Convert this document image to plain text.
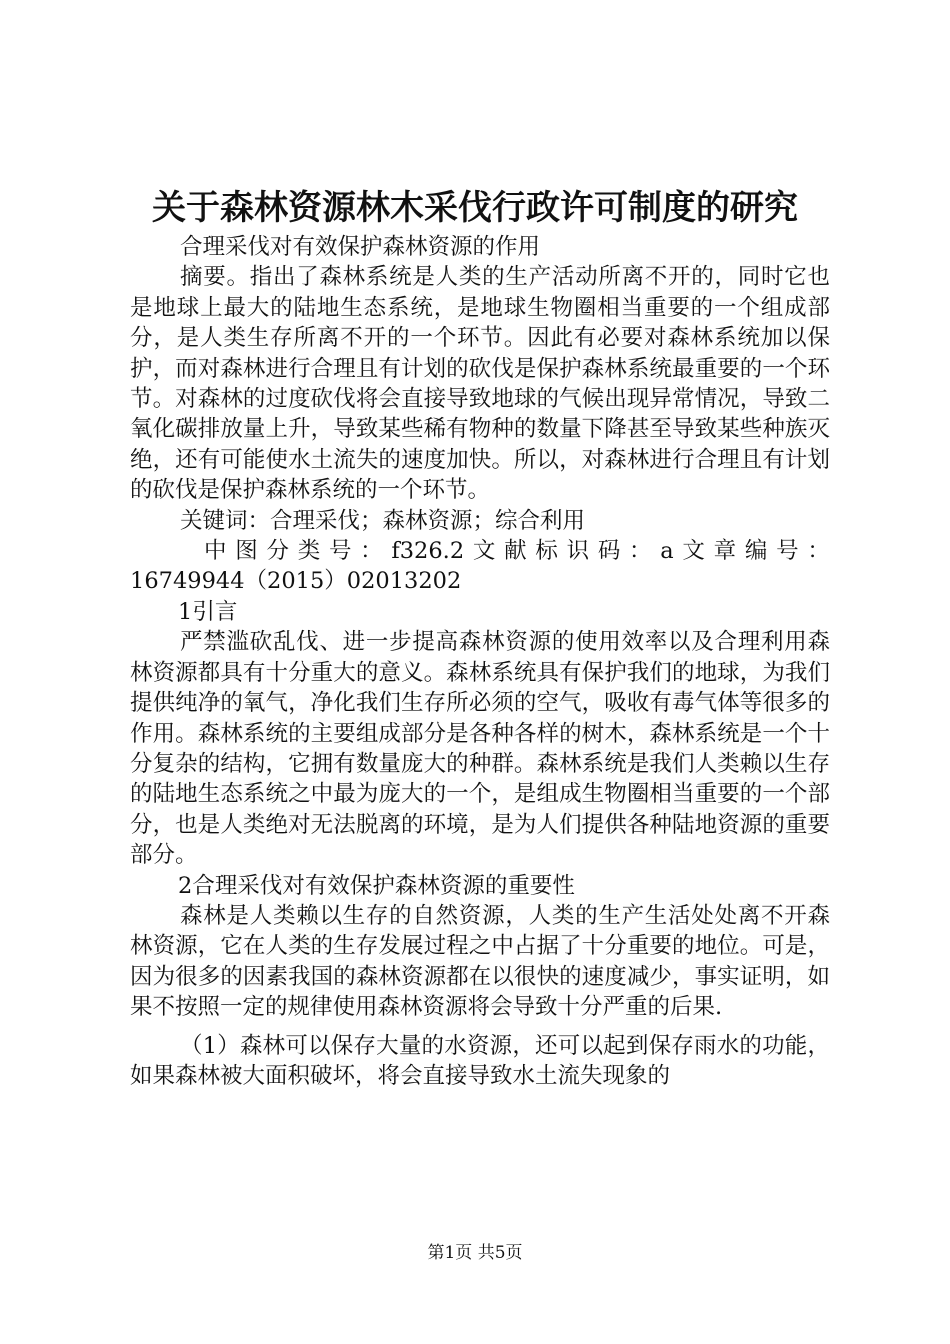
关于森林资源林木采伐行政许可制度的研究

合理采伐对有效保护森林资源的作用

摘要。指出了森林系统是人类的生产活动所离不开的，同时它也是地球上最大的陆地生态系统，是地球生物圈相当重要的一个组成部分，是人类生存所离不开的一个环节。因此有必要对森林系统加以保护，而对森林进行合理且有计划的砍伐是保护森林系统最重要的一个环节。对森林的过度砍伐将会直接导致地球的气候出现异常情况，导致二氧化碳排放量上升，导致某些稀有物种的数量下降甚至导致某些种族灭绝，还有可能使水土流失的速度加快。所以，对森林进行合理且有计划的砍伐是保护森林系统的一个环节。

关键词：合理采伐；森林资源；综合利用

中 图 分 类 号 ： f326.2 文 献 标 识 码 ： a 文 章 编 号 ：
16749944（2015）02013202

1引言

严禁滥砍乱伐、进一步提高森林资源的使用效率以及合理利用森林资源都具有十分重大的意义。森林系统具有保护我们的地球，为我们提供纯净的氧气，净化我们生存所必须的空气，吸收有毒气体等很多的作用。森林系统的主要组成部分是各种各样的树木，森林系统是一个十分复杂的结构，它拥有数量庞大的种群。森林系统是我们人类赖以生存的陆地生态系统之中最为庞大的一个，是组成生物圈相当重要的一个部分，也是人类绝对无法脱离的环境，是为人们提供各种陆地资源的重要部分。

2合理采伐对有效保护森林资源的重要性

森林是人类赖以生存的自然资源，人类的生产生活处处离不开森林资源，它在人类的生存发展过程之中占据了十分重要的地位。可是，因为很多的因素我国的森林资源都在以很快的速度减少，事实证明，如果不按照一定的规律使用森林资源将会导致十分严重的后果.

（1）森林可以保存大量的水资源，还可以起到保存雨水的功能，如果森林被大面积破坏，将会直接导致水土流失现象的

第1页 共5页
